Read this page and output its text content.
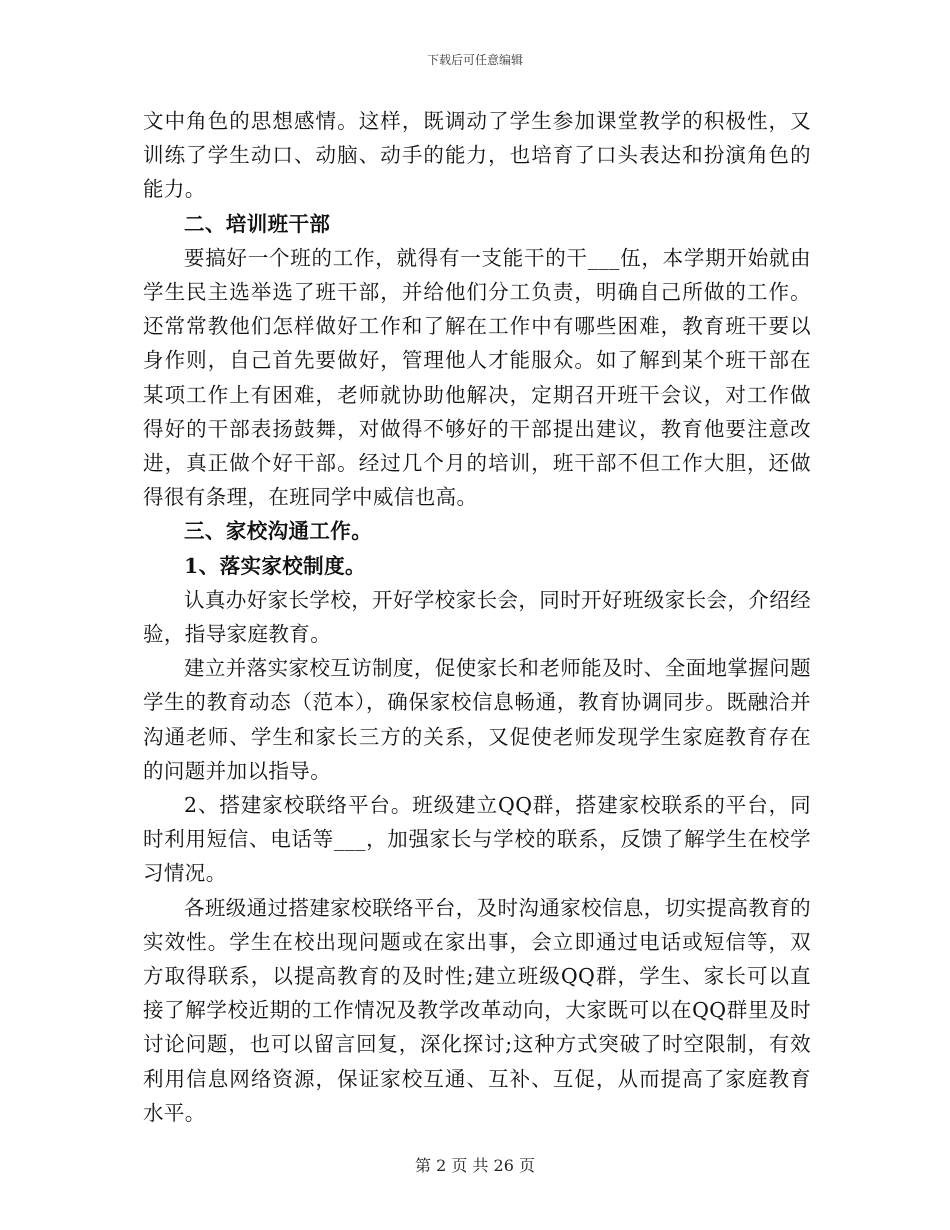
下载后可任意编辑

文中角色的思想感情。这样，既调动了学生参加课堂教学的积极性，又训练了学生动口、动脑、动手的能力，也培育了口头表达和扮演角色的能力。

二、培训班干部

要搞好一个班的工作，就得有一支能干的干___伍，本学期开始就由学生民主选举选了班干部，并给他们分工负责，明确自己所做的工作。还常常教他们怎样做好工作和了解在工作中有哪些困难，教育班干要以身作则，自己首先要做好，管理他人才能服众。如了解到某个班干部在某项工作上有困难，老师就协助他解决，定期召开班干会议，对工作做得好的干部表扬鼓舞，对做得不够好的干部提出建议，教育他要注意改进，真正做个好干部。经过几个月的培训，班干部不但工作大胆，还做得很有条理，在班同学中威信也高。

三、家校沟通工作。

1、落实家校制度。

认真办好家长学校，开好学校家长会，同时开好班级家长会，介绍经验，指导家庭教育。

建立并落实家校互访制度，促使家长和老师能及时、全面地掌握问题学生的教育动态（范本），确保家校信息畅通，教育协调同步。既融洽并沟通老师、学生和家长三方的关系，又促使老师发现学生家庭教育存在的问题并加以指导。

2、搭建家校联络平台。班级建立QQ群，搭建家校联系的平台，同时利用短信、电话等___，加强家长与学校的联系，反馈了解学生在校学习情况。

各班级通过搭建家校联络平台，及时沟通家校信息，切实提高教育的实效性。学生在校出现问题或在家出事，会立即通过电话或短信等，双方取得联系，以提高教育的及时性;建立班级QQ群，学生、家长可以直接了解学校近期的工作情况及教学改革动向，大家既可以在QQ群里及时讨论问题，也可以留言回复，深化探讨;这种方式突破了时空限制，有效利用信息网络资源，保证家校互通、互补、互促，从而提高了家庭教育水平。

第 2 页 共 26 页
